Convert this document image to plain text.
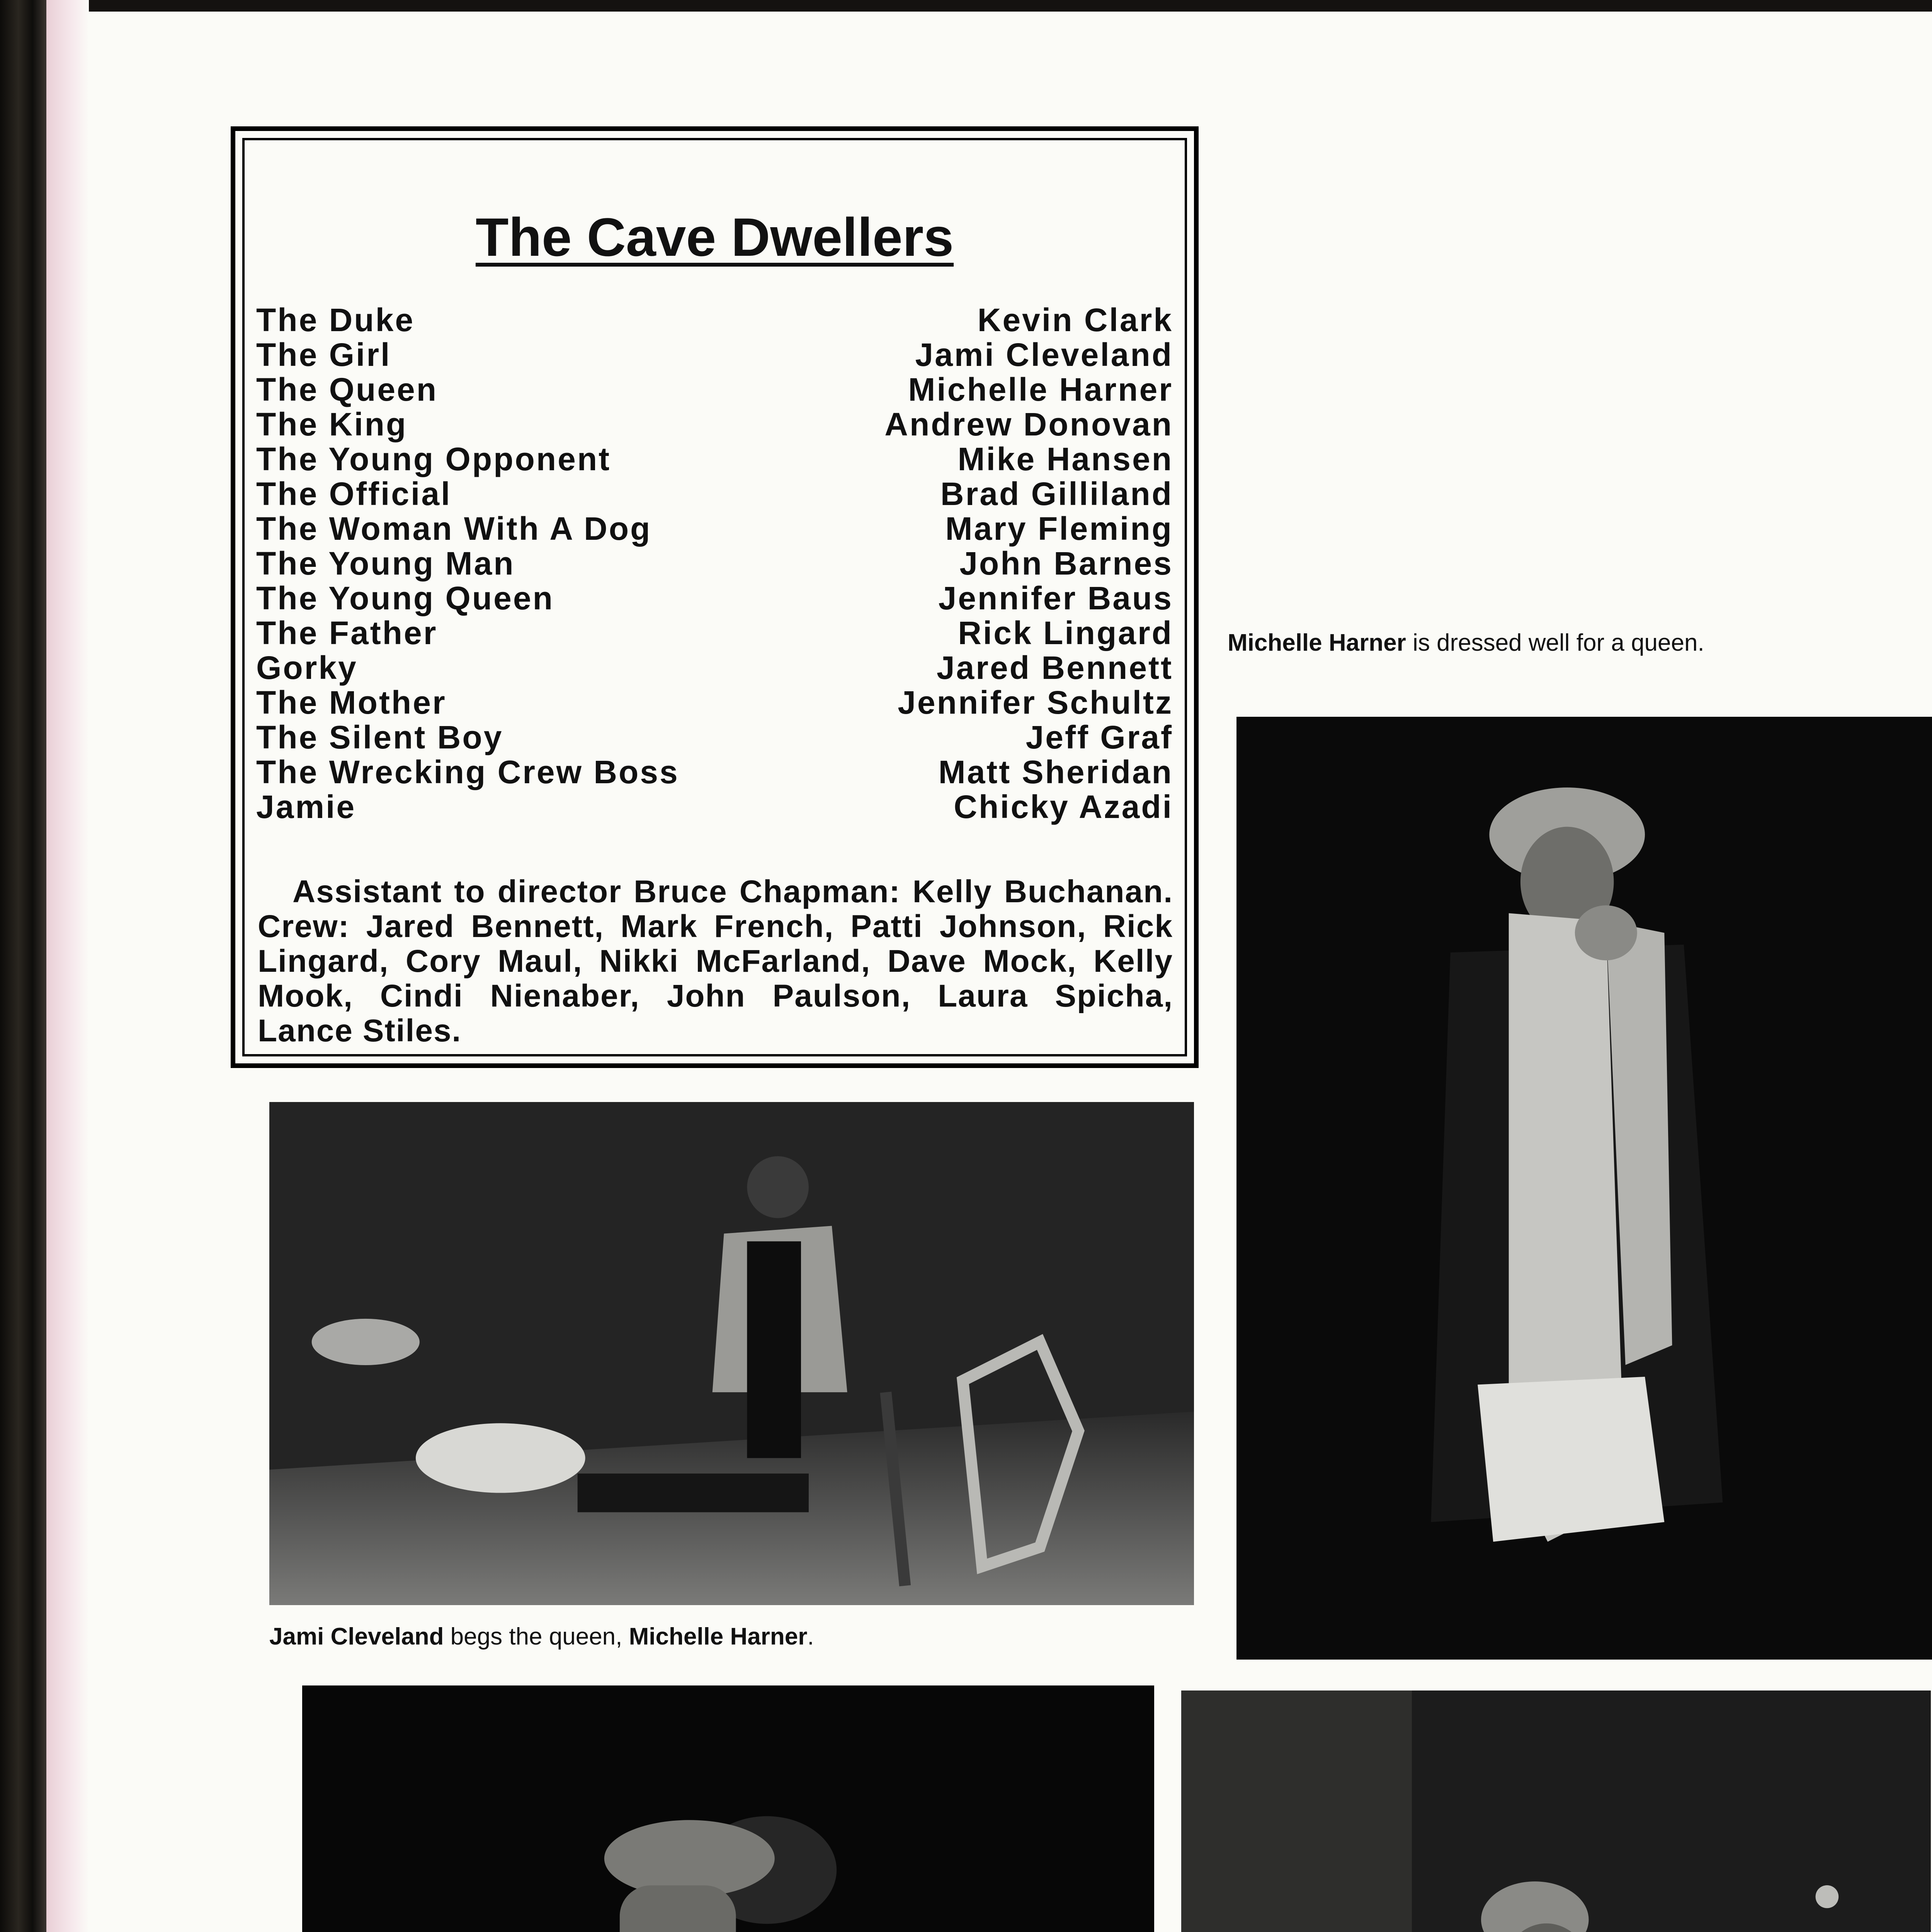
The Cave Dwellers
The Duke
The Girl
The Queen
The King
The Young Opponent
The Official
The Woman With A Dog
The Young Man
The Young Queen
The Father
Gorky
The Mother
The Silent Boy
The Wrecking Crew Boss
Jamie
Kevin Clark
Jami Cleveland
Michelle Harner
Andrew Donovan
Mike Hansen
Brad Gilliland
Mary Fleming
John Barnes
Jennifer Baus
Rick Lingard
Jared Bennett
Jennifer Schultz
Jeff Graf
Matt Sheridan
Chicky Azadi
Assistant to director Bruce Chapman: Kelly Buchanan. Crew: Jared Bennett, Mark French, Patti Johnson, Rick Lingard, Cory Maul, Nikki McFarland, Dave Mock, Kelly Mook, Cindi Nienaber, John Paulson, Laura Spicha, Lance Stiles.
Jami Cleveland begs the queen, Michelle Harner.
Michelle Harner is dressed well for a queen.
